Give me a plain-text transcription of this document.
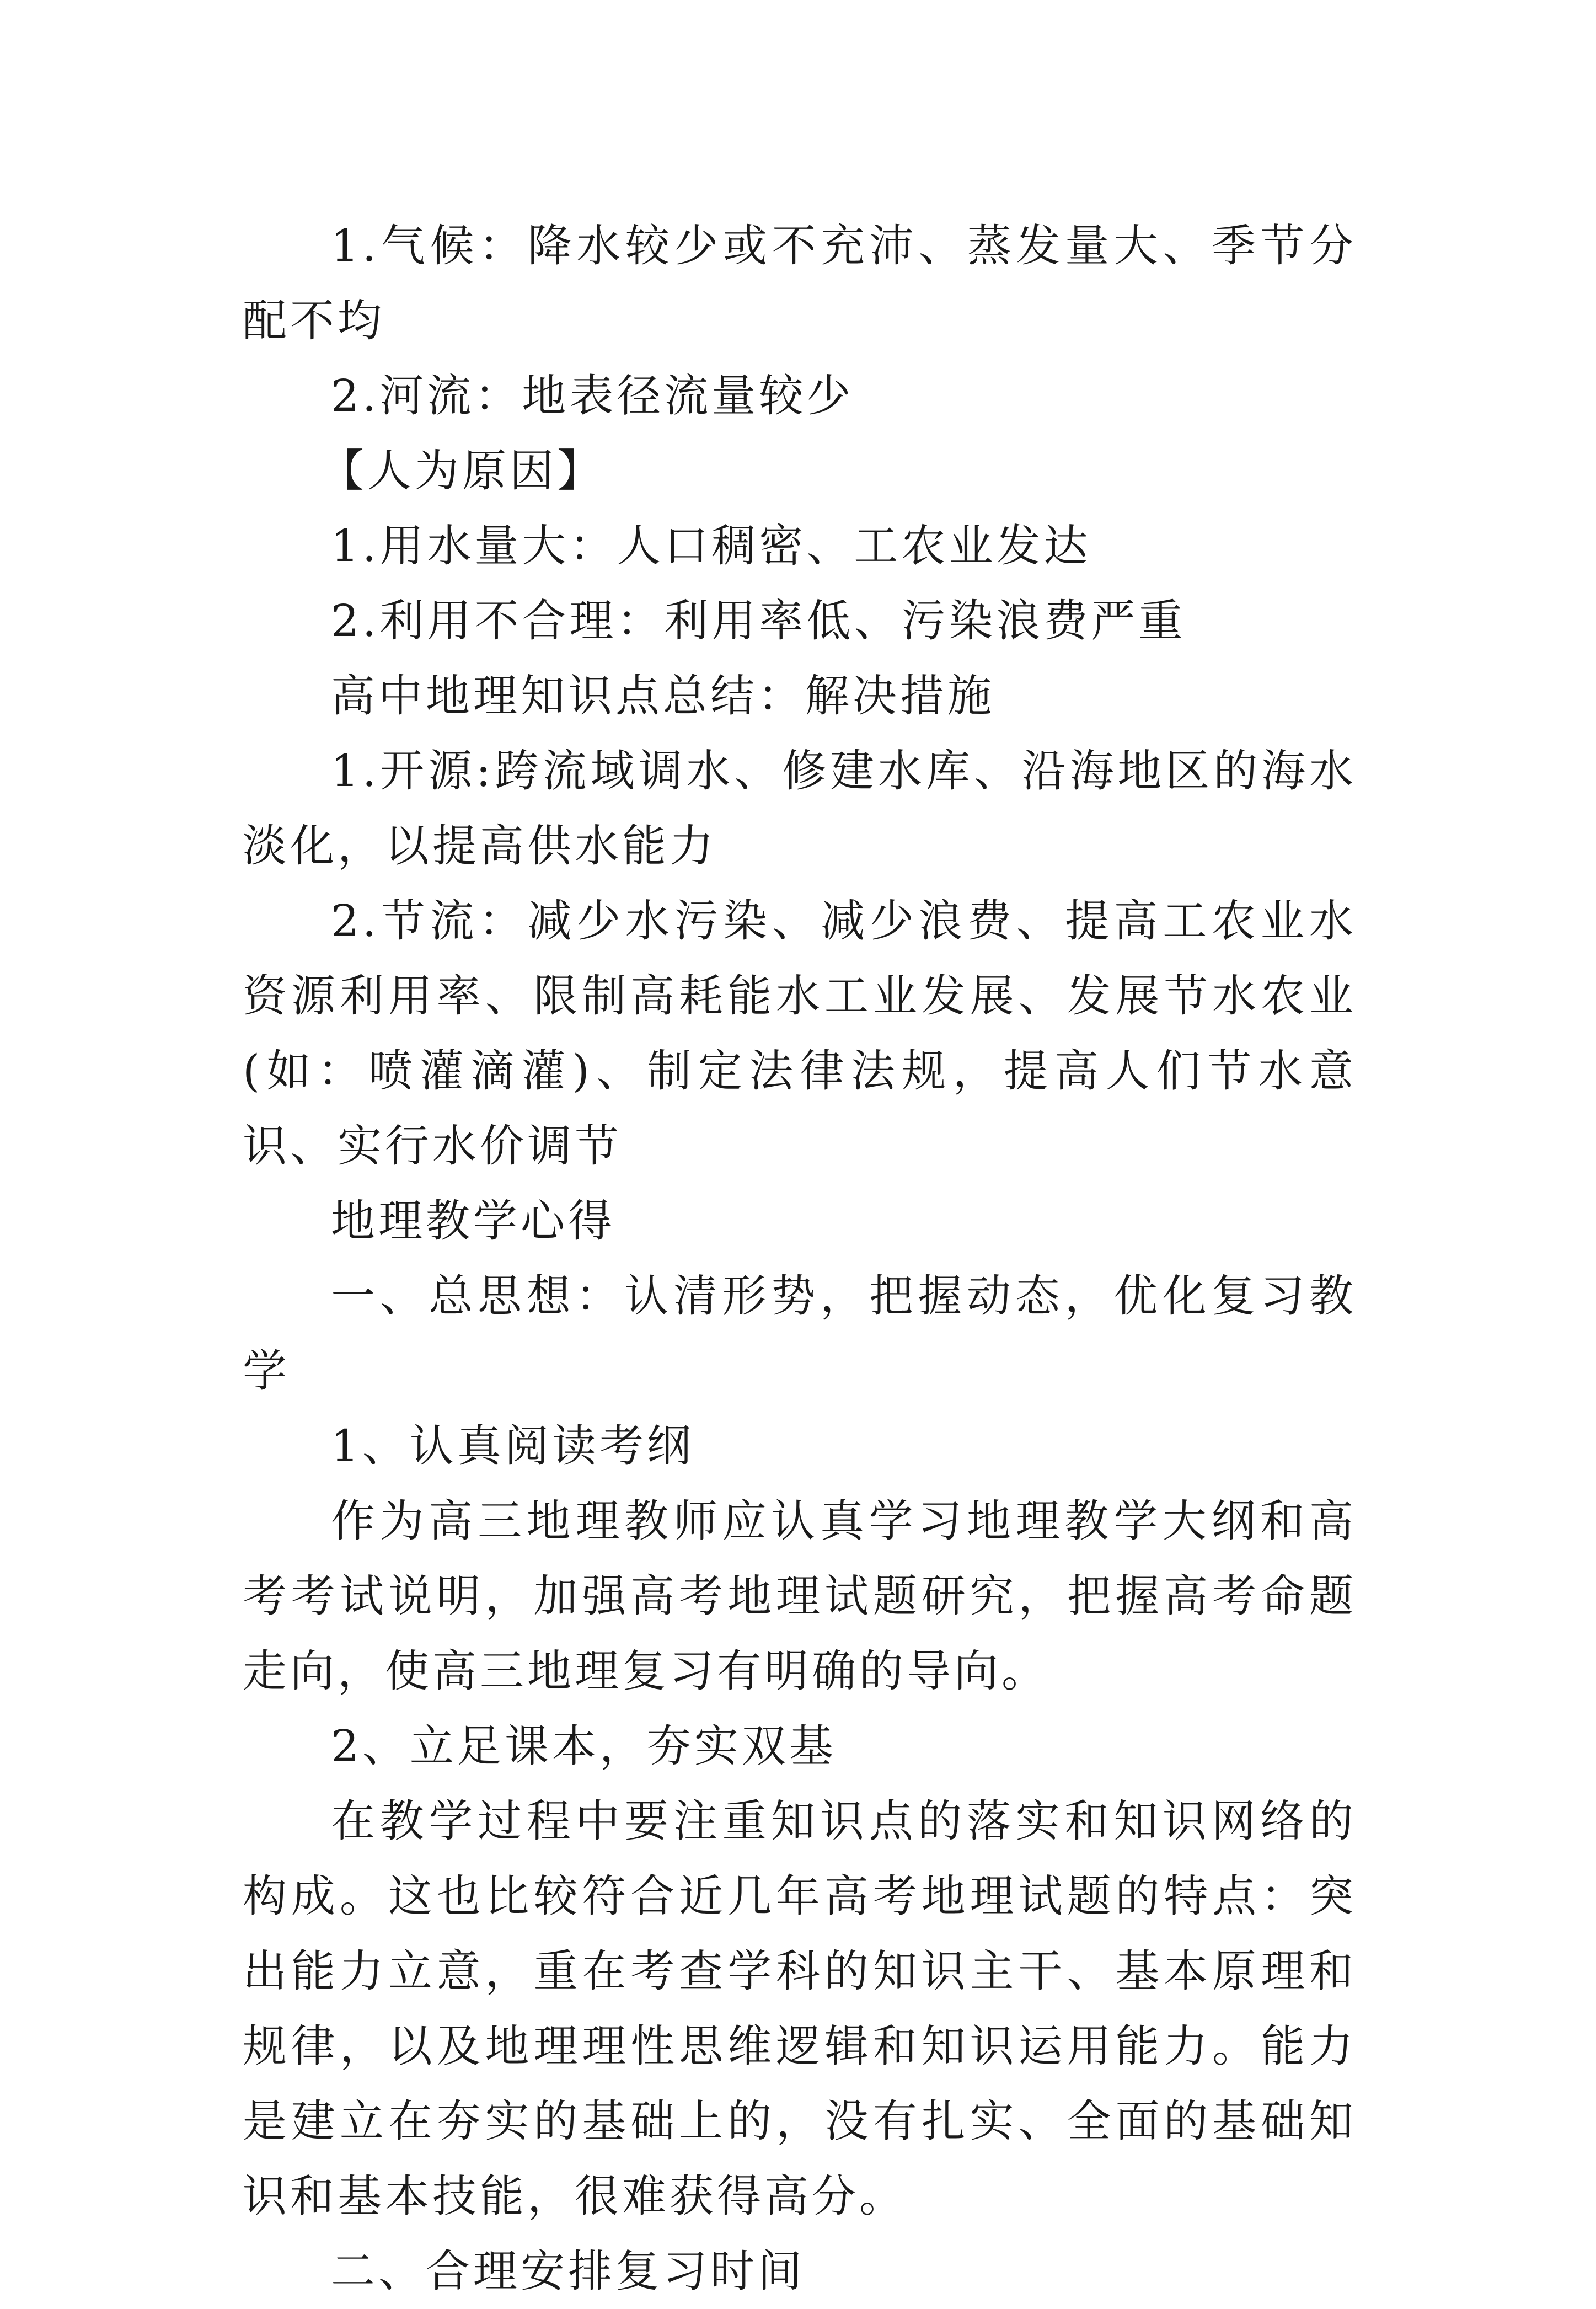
1.气候：降水较少或不充沛、蒸发量大、季节分配不均

2.河流：地表径流量较少

【人为原因】

1.用水量大：人口稠密、工农业发达

2.利用不合理：利用率低、污染浪费严重

高中地理知识点总结：解决措施

1.开源:跨流域调水、修建水库、沿海地区的海水淡化，以提高供水能力

2.节流：减少水污染、减少浪费、提高工农业水资源利用率、限制高耗能水工业发展、发展节水农业(如：喷灌滴灌)、制定法律法规，提高人们节水意识、实行水价调节

地理教学心得

一、总思想：认清形势，把握动态，优化复习教学

1、认真阅读考纲

作为高三地理教师应认真学习地理教学大纲和高考考试说明，加强高考地理试题研究，把握高考命题走向，使高三地理复习有明确的导向。

2、立足课本，夯实双基

在教学过程中要注重知识点的落实和知识网络的构成。这也比较符合近几年高考地理试题的特点：突出能力立意，重在考查学科的知识主干、基本原理和规律，以及地理理性思维逻辑和知识运用能力。能力是建立在夯实的基础上的，没有扎实、全面的基础知识和基本技能，很难获得高分。

二、合理安排复习时间
